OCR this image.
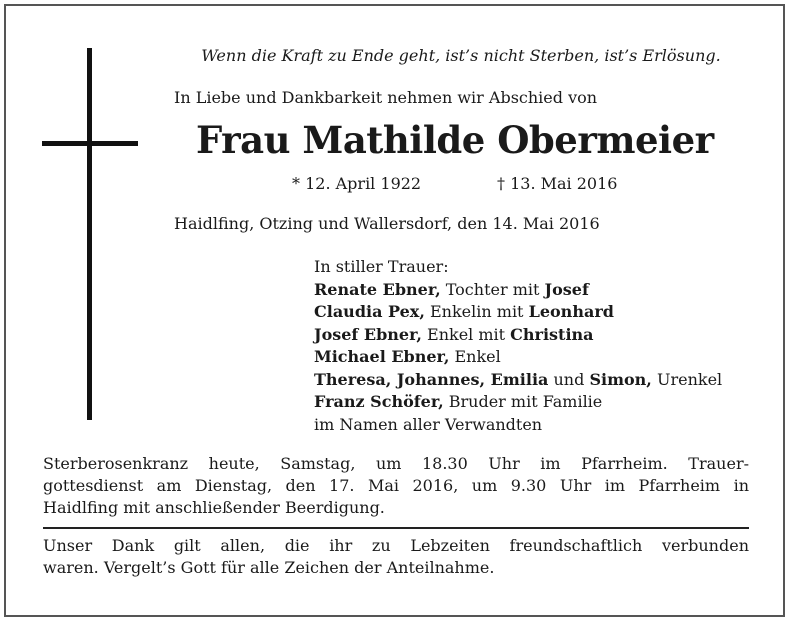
Wenn die Kraft zu Ende geht, ist’s nicht Sterben, ist’s Erlösung.
In Liebe und Dankbarkeit nehmen wir Abschied von
Frau Mathilde Obermeier
* 12. April 1922	† 13. Mai 2016
Haidlfing, Otzing und Wallersdorf, den 14. Mai 2016
In stiller Trauer:
Renate Ebner, Tochter mit Josef
Claudia Pex, Enkelin mit Leonhard
Josef Ebner, Enkel mit Christina
Michael Ebner, Enkel
Theresa, Johannes, Emilia und Simon, Urenkel
Franz Schöfer, Bruder mit Familie
im Namen aller Verwandten
Sterberosenkranz heute, Samstag, um 18.30 Uhr im Pfarrheim. Trauer-
gottesdienst am Dienstag, den 17. Mai 2016, um 9.30 Uhr im Pfarrheim in
Haidlfing mit anschließender Beerdigung.
Unser Dank gilt allen, die ihr zu Lebzeiten freundschaftlich verbunden
waren. Vergelt’s Gott für alle Zeichen der Anteilnahme.
